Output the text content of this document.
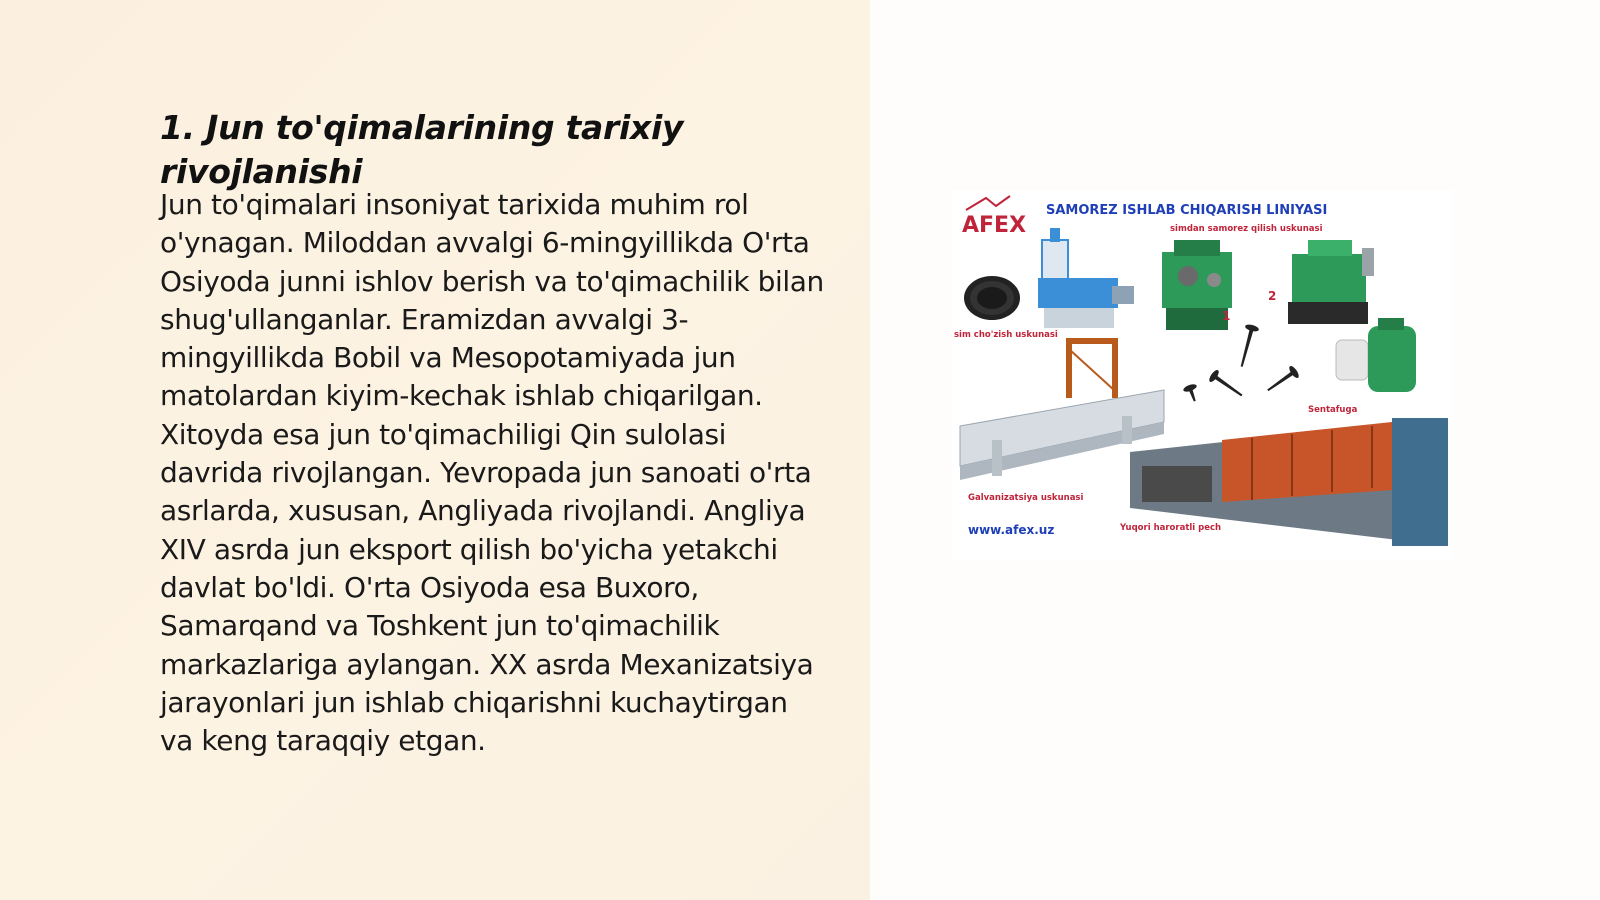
1. Jun to'qimalarining tarixiy rivojlanishi

Jun to'qimalari insoniyat tarixida muhim rol o'ynagan. Miloddan avvalgi 6-mingyillikda O'rta Osiyoda junni ishlov berish va to'qimachilik bilan shug'ullanganlar. Eramizdan avvalgi 3-mingyillikda Bobil va Mesopotamiyada jun matolardan kiyim-kechak ishlab chiqarilgan. Xitoyda esa jun to'qimachiligi Qin sulolasi davrida rivojlangan. Yevropada jun sanoati o'rta asrlarda, xususan, Angliyada rivojlandi. Angliya XIV asrda jun eksport qilish bo'yicha yetakchi davlat bo'ldi. O'rta Osiyoda esa Buxoro, Samarqand va Toshkent jun to'qimachilik markazlariga aylangan. XX asrda Mexanizatsiya jarayonlari jun ishlab chiqarishni kuchaytirgan va keng taraqqiy etgan.

AFEX
SAMOREZ ISHLAB CHIQARISH LINIYASI
simdan samorez qilish uskunasi
1
2
sim cho'zish uskunasi
Sentafuga
Galvanizatsiya uskunasi
www.afex.uz	Yuqori haroratli pech
